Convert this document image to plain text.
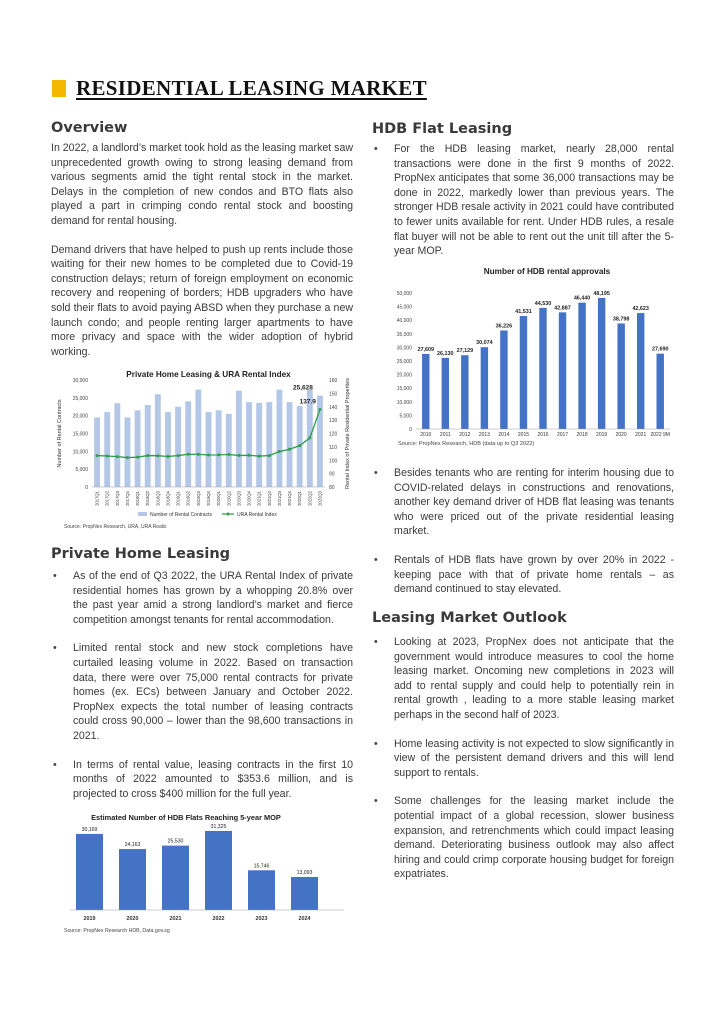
RESIDENTIAL LEASING MARKET
Overview

In 2022, a landlord’s market took hold as the leasing market saw unprecedented growth owing to strong leasing demand from various segments amid the tight rental stock in the market. Delays in the completion of new condos and BTO flats also played a part in crimping condo rental stock and boosting demand for rental housing.

Demand drivers that have helped to push up rents include those waiting for their new homes to be completed due to Covid-19 construction delays; return of foreign employment on economic recovery and reopening of borders; HDB upgraders who have sold their flats to avoid paying ABSD when they purchase a new launch condo; and people renting larger apartments to have more privacy and space with the wider adoption of hybrid working.

Private Home Leasing & URA Rental Index
0
5,000
10,000
15,000
20,000
25,000
30,000
80
90
100
110
120
130
140
150
160
Number of Rental Contracts	Rental Index of Private Residential Properties
2017Q1 2017Q2 2017Q3 2017Q4 2018Q1 2018Q2 2018Q3 2018Q4 2019Q1 2019Q2 2019Q3 2019Q4 2020Q1 2020Q2 2020Q3 2020Q4 2021Q1 2021Q2 2021Q3 2021Q4 2022Q1 2022Q2 2022Q3
25,628
137.9
Number of Rental Contracts	URA Rental Index
Source: PropNex Research, URA, URA Realis
Private Home Leasing
• As of the end of Q3 2022, the URA Rental Index of private residential homes has grown by a whopping 20.8% over the past year amid a strong landlord’s market and fierce competition amongst tenants for rental accommodation.
• Limited rental stock and new stock completions have curtailed leasing volume in 2022. Based on transaction data, there were over 75,000 rental contracts for private homes (ex. ECs) between January and October 2022. PropNex expects the total number of leasing contracts could cross 90,000 – lower than the 98,600 transactions in 2021.
• In terms of rental value, leasing contracts in the first 10 months of 2022 amounted to $353.6 million, and is projected to cross $400 million for the full year.
Estimated Number of HDB Flats Reaching 5-year MOP
30,169
2019
24,163
2020
25,530
2021
31,325
2022
15,746
2023
13,093
2024
Source: PropNex Research HDB, Data.gov.sg
HDB Flat Leasing
• For the HDB leasing market, nearly 28,000 rental transactions were done in the first 9 months of 2022. PropNex anticipates that some 36,000 transactions may be done in 2022, markedly lower than previous years. The stronger HDB resale activity in 2021 could have contributed to fewer units available for rent. Under HDB rules, a resale flat buyer will not be able to rent out the unit till after the 5-year MOP.
Number of HDB rental approvals
0
5,000
10,000
15,000
20,000
25,000
30,000
35,000
40,000
45,000
50,000
27,609
2010
26,130
2011
27,129
2012
30,074
2013
36,226
2014
41,531
2015
44,530
2016
42,887
2017
46,440
2018
48,195
2019
38,798
2020
42,623
2021
27,690
2022 9M
Source: PropNex Research, HDB (data up to Q3 2022)
• Besides tenants who are renting for interim housing due to COVID-related delays in constructions and renovations, another key demand driver of HDB flat leasing was tenants who were priced out of the private residential leasing market.
• Rentals of HDB flats have grown by over 20% in 2022 - keeping pace with that of private home rentals – as demand continued to stay elevated.
Leasing Market Outlook
• Looking at 2023, PropNex does not anticipate that the government would introduce measures to cool the home leasing market. Oncoming new completions in 2023 will add to rental supply and could help to potentially rein in rental growth , leading to a more stable leasing market perhaps in the second half of 2023.
• Home leasing activity is not expected to slow significantly in view of the persistent demand drivers and this will lend support to rentals.
• Some challenges for the leasing market include the potential impact of a global recession, slower business expansion, and retrenchments which could impact leasing demand. Deteriorating business outlook may also affect hiring and could crimp corporate housing budget for foreign expatriates.
